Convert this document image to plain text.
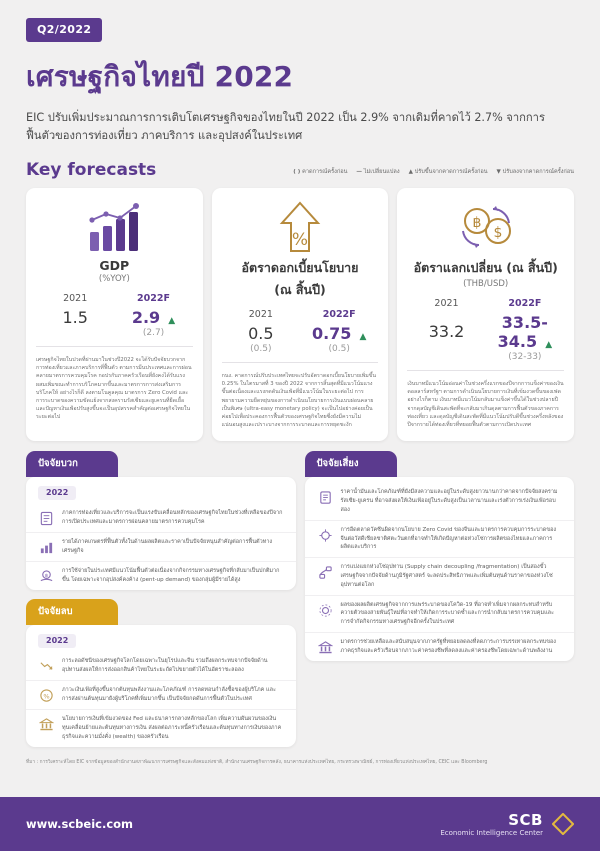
Q2/2022
เศรษฐกิจไทยปี 2022
EIC ปรับเพิ่มประมาณการการเติบโตเศรษฐกิจของไทยในปี 2022 เป็น 2.9% จากเดิมที่คาดไว้ 2.7% จากการฟื้นตัวของการท่องเที่ยว ภาคบริการ และอุปสงค์ในประเทศ
Key forecasts	( ) คาดการณ์ครั้งก่อน — ไม่เปลี่ยนแปลง ▲ ปรับขึ้นจากคาดการณ์ครั้งก่อน ▼ ปรับลงจากคาดการณ์ครั้งก่อน
GDP
(%YOY)
2021	2022F
1.5	2.9 ▲
(2.7)
เศรษฐกิจไทยในปวดที่ผ่านมาในช่วงปี2022 จะได้รับปัจจัยบวกจากการท่องเที่ยวและภาคบริการที่ฟื้นตัว ตามการมีนประเทศและการผ่อนคลายมาตรการควบคุมโรค กอปรกับภาคครัวเรือนที่ยังคงได้รับแรงผสมเพิ่มขณะทำการบริโภคมากขึ้นและมาตรการการส่งเสริมการบริโภคให้ อย่างไรก็ดี ลงตามโนคูลคุณ มาตรการ Zero Covid และการระบาดของความขัดแย้งจากสงครามรัสเซียและยูเครนที่ยืดเยื้อ และปัญหาเงินเฟ้อปรับสูงขึ้นจะเป็นอุปสรรคสำคัญต่อเศรษฐกิจไทยในระยะต่อไป
%
อัตราดอกเบี้ยนโยบาย
(ณ สิ้นปี)
2021	2022F
0.5	0.75 ▲
(0.5)	(0.5)
กนง. คาดการณ์ปรับประเทศไทยจะปรับอัตราดอกเบี้ยนโยบายเพิ่มขึ้น 0.25% ในไตรมาสที่ 3 ของปี 2022 จากการสิ้นสุดที่มีแนวโน้มแรงขึ้นต่อเนื่องและแรงกดดันเงินเฟ้อที่มีแนวโน้มในระยะต่อไป การพยายามความยืดหยุ่นของการดำเนินนโยบายการเงินแบบผ่อนคลายเป็นพิเศษ (ultra-easy monetary policy) จะเป็นไปอย่างค่อยเป็นค่อยไปเพื่อประคองการฟื้นตัวของเศรษฐกิจไทยซึ่งยังมีความไม่แน่นอนสูงและเปราะบางจากการระบาดและการหยุดชะงัก
฿
$
อัตราแลกเปลี่ยน (ณ สิ้นปี)
(THB/USD)
2021	2022F
33.2	33.5-34.5 ▲
(32-33)
เงินบาทมีแนวโน้มอ่อนค่าในช่วงครึ่งแรกของปีจากการแข็งค่าของเงินดอลลาร์สหรัฐฯ ตามการดำเนินนโยบายการเงินที่เข้มงวดขึ้นของเฟด อย่างไรก็ตาม เงินบาทมีแนวโน้มกลับมาแข็งค่าขึ้นได้ในช่วงปลายปี จากดุลบัญชีเดินสะพัดที่จะกลับมาเกินดุลตามการฟื้นตัวของภาคการท่องเที่ยว และดุลบัญชีเดินสะพัดที่มีแนวโน้มปรับดีขึ้นช่วงครึ่งหลังของปีจากรายได้ท่องเที่ยวที่ทยอยฟื้นตัวตามการเปิดประเทศ
ปัจจัยบวก
2022
ภาคการท่องเที่ยวและบริการจะเป็นแรงขับเคลื่อนหลักของเศรษฐกิจไทยในช่วงที่เหลือของปีจากการเปิดประเทศและมาตรการผ่อนคลายมาตรการควบคุมโรค
รายได้ภาคเกษตรที่ฟื้นตัวทั้งในด้านผลผลิตและราคาเป็นปัจจัยหนุนสำคัญต่อการฟื้นตัวทางเศรษฐกิจ
฿
การใช้จ่ายในประเทศมีแนวโน้มฟื้นตัวต่อเนื่องจากกิจกรรมทางเศรษฐกิจที่กลับมาเป็นปกติมากขึ้น โดยเฉพาะจากอุปสงค์คงค้าง (pent-up demand) ของกลุ่มผู้มีรายได้สูง
ปัจจัยลบ
2022
การะลอดัชนีของเศรษฐกิจโลกโดยเฉพาะในยุโรปและจีน รวมถึงผลกระทบจากปัจจัยด้านอุปทานส่งผลให้การส่งออกสินค้าไทยในระยะถัดไปขยายตัวได้ในอัตราชะลอลง
%
ภาวะเงินเฟ้อที่สูงขึ้นจากต้นทุนพลังงานและโภคภัณฑ์ การลดทอนกำลังซื้อของผู้บริโภค และการส่งผ่านต้นทุนมายังผู้บริโภคที่เพิ่มมากขึ้น เป็นปัจจัยกดดันการฟื้นตัวในประเทศ
นโยบายการเงินที่เข้มงวดของ Fed และธนาคารกลางหลักของโลก เพิ่มความผันผวนของเงินทุนเคลื่อนย้ายและต้นทุนทางการเงิน ส่งผลต่อภาระหนี้ครัวเรือนและต้นทุนทางการเงินของภาคธุรกิจและความมั่งคั่ง (wealth) ของครัวเรือน
ปัจจัยเสี่ยง
ราคาน้ำมันและโภคภัณฑ์ที่ยังมีสงความและอยู่ในระดับสูงยาวนานกว่าคาดจากปัจจัยสงครามรัสเซีย-ยูเครน ที่อาจส่งผลให้เงินเฟ้ออยู่ในระดับสูงเป็นเวลานานและเร่งตัวการเร่งเงินเฟ้อรอบสอง
การอีดตลาดวัคซีนผิดจากนโยบาย Zero Covid ของจีนและมาตรการควบคุมการระบาดของจีนต่อวัสดีเชียลชาติศตะวันตกที่อาจทำให้เกิดปัญหาต่อห่วงโซ่การผลิตของไทยและภาคการผลิตและบริการ
การแบ่งแยกห่วงโซ่อุปทาน (Supply chain decoupling /fragmentation) เป็นสองขั้วเศรษฐกิจจากปัจจัยด้านภูมิรัฐศาสตร์ จะลดประสิทธิภาพและเพิ่มต้นทุนด้านราคาของห่วงโซ่อุปทานต่อโลก
ผลของผลผลิตเศรษฐกิจจากการแพร่ระบาดของโควิด-19 ที่อาจทำเพิ่มจากผลกระทบสำหรับควายตัวของสายพันธุ์ใหม่ที่อาจทำให้เกิดการระบาดซ้ำและการนำกลับมาตรการควบคุมและการจำกัดกิจกรรมทางเศรษฐกิจอีกครั้งในประเทศ
มาตรการช่วยเหลือและสนับสนุนจากภาครัฐที่ทยอยลดลงที่ลดภาระการบรรเทาผลกระทบของภาคธุรกิจและครัวเรือนจากภาวะค่าครองชีพที่ลดลงและค่าครองชีพโดยเฉพาะด้านพลังงาน
ที่มา : การวิเคราะห์โดย EIC จากข้อมูลของสำนักงานสภาพัฒนาการเศรษฐกิจและสังคมแห่งชาติ, สำนักงานเศรษฐกิจการคลัง, ธนาคารแห่งประเทศไทย, กระทรวงพาณิชย์, การท่องเที่ยวแห่งประเทศไทย, CEIC และ Bloomberg
www.scbeic.com	SCB
Economic Intelligence Center
